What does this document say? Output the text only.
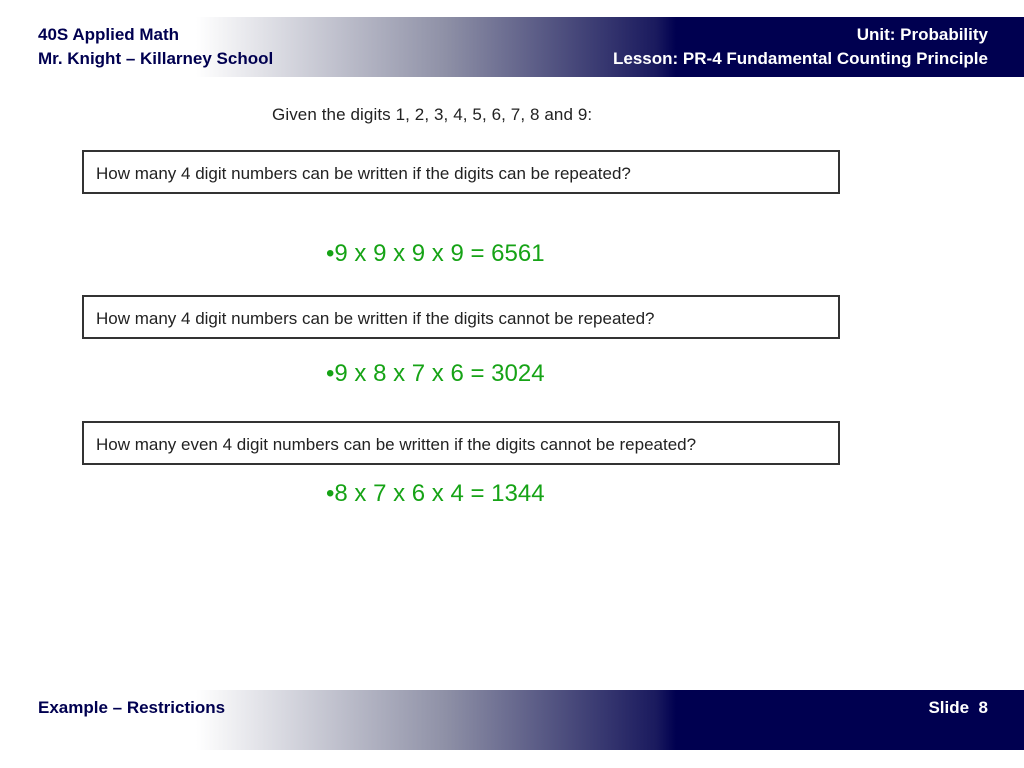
40S Applied Math
Mr. Knight – Killarney School
Unit: Probability
Lesson: PR-4 Fundamental Counting Principle
Given the digits 1, 2, 3, 4, 5, 6, 7, 8 and 9:
How many 4 digit numbers can be written if the digits can be repeated?
•9 x 9 x 9 x 9 = 6561
How many 4 digit numbers can be written if the digits cannot be repeated?
•9 x 8 x 7 x 6 = 3024
How many even 4 digit numbers can be written if the digits cannot be repeated?
•8 x 7 x 6 x 4 = 1344
Example – Restrictions	Slide  8
